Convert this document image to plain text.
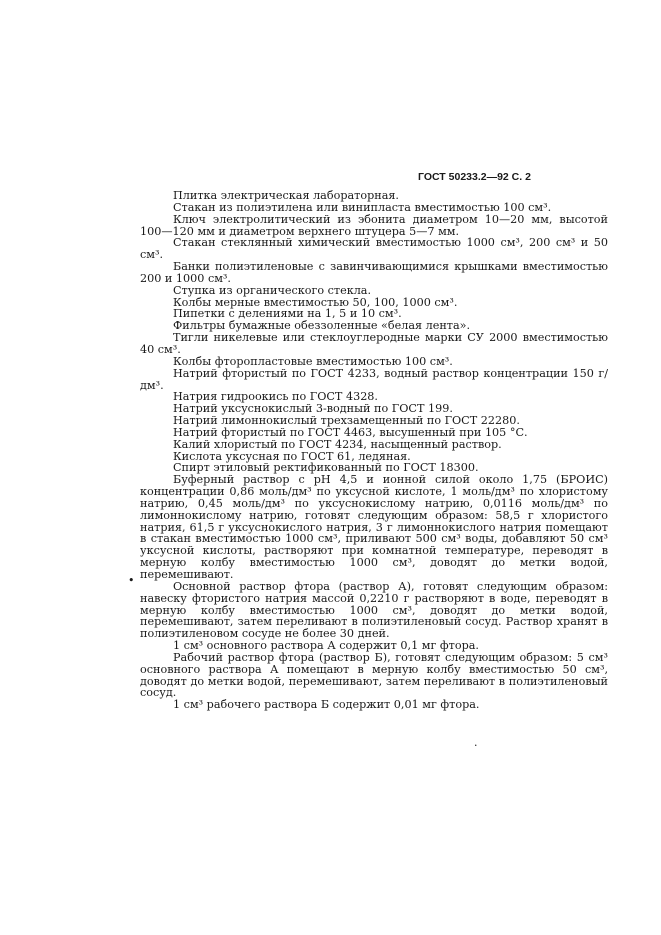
ГОСТ 50233.2—92 С. 2

Плитка электрическая лабораторная.

Стакан из полиэтилена или винипласта вместимостью 100 см³.

Ключ электролитический из эбонита диаметром 10—20 мм, высотой 100—120 мм и диаметром верхнего штуцера 5—7 мм.

Стакан стеклянный химический вместимостью 1000 см³, 200 см³ и 50 см³.

Банки полиэтиленовые с завинчивающимися крышками вместимостью 200 и 1000 см³.

Ступка из органического стекла.

Колбы мерные вместимостью 50, 100, 1000 см³.

Пипетки с делениями на 1, 5 и 10 см³.

Фильтры бумажные обеззоленные «белая лента».

Тигли никелевые или стеклоуглеродные марки СУ 2000 вместимостью 40 см³.

Колбы фторопластовые вместимостью 100 см³.

Натрий фтористый по ГОСТ 4233, водный раствор концентрации 150 г/дм³.

Натрия гидроокись по ГОСТ 4328.

Натрий уксуснокислый 3-водный по ГОСТ 199.

Натрий лимоннокислый трехзамещенный по ГОСТ 22280.

Натрий фтористый по ГОСТ 4463, высушенный при 105 °С.

Калий хлористый по ГОСТ 4234, насыщенный раствор.

Кислота уксусная по ГОСТ 61, ледяная.

Спирт этиловый ректификованный по ГОСТ 18300.

Буферный раствор с рН 4,5 и ионной силой около 1,75 (БРОИС) концентрации 0,86 моль/дм³ по уксусной кислоте, 1 моль/дм³ по хлористому натрию, 0,45 моль/дм³ по уксуснокислому натрию, 0,0116 моль/дм³ по лимоннокислому натрию, готовят следующим образом: 58,5 г хлористого натрия, 61,5 г уксуснокислого натрия, 3 г лимоннокислого натрия помещают в стакан вместимостью 1000 см³, приливают 500 см³ воды, добавляют 50 см³ уксусной кислоты, растворяют при комнатной температуре, переводят в мерную колбу вместимостью 1000 см³, доводят до метки водой, перемешивают.

Основной раствор фтора (раствор А), готовят следующим образом: навеску фтористого натрия массой 0,2210 г растворяют в воде, переводят в мерную колбу вместимостью 1000 см³, доводят до метки водой, перемешивают, затем переливают в полиэтиленовый сосуд. Раствор хранят в полиэтиленовом сосуде не более 30 дней.

1 см³ основного раствора А содержит 0,1 мг фтора.

Рабочий раствор фтора (раствор Б), готовят следующим образом: 5 см³ основного раствора А помещают в мерную колбу вместимостью 50 см³, доводят до метки водой, перемешивают, затем переливают в полиэтиленовый сосуд.

1 см³ рабочего раствора Б содержит 0,01 мг фтора.

•
·
